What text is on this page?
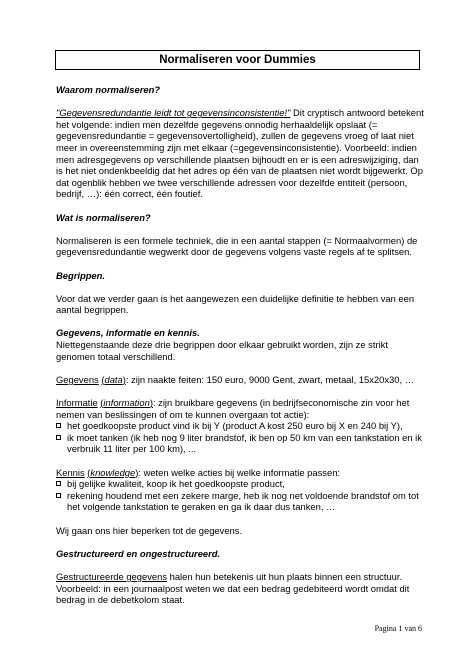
Normaliseren voor Dummies

Waarom normaliseren?

"Gegevensredundantie leidt tot gegevensinconsistentie!" Dit cryptisch antwoord betekent het volgende: indien men dezelfde gegevens onnodig herhaaldelijk opslaat (= gegevensredundantie = gegevensovertolligheid), zullen de gegevens vroeg of laat niet meer in overeenstemming zijn met elkaar (=gegevensinconsistentie). Voorbeeld: indien men adresgegevens op verschillende plaatsen bijhoudt en er is een adreswijziging, dan is het niet ondenkbeeldig dat het adres op één van de plaatsen niet wordt bijgewerkt. Op dat ogenblik hebben we twee verschillende adressen voor dezelfde entiteit (persoon, bedrijf, …): één correct, één foutief.

Wat is normaliseren?

Normaliseren is een formele techniek, die in een aantal stappen (= Normaalvormen) de gegevensredundantie wegwerkt door de gegevens volgens vaste regels af te splitsen.

Begrippen.

Voor dat we verder gaan is het aangewezen een duidelijke definitie te hebben van een aantal begrippen.

Gegevens, informatie en kennis.

Niettegenstaande deze drie begrippen door elkaar gebruikt worden, zijn ze strikt genomen totaal verschillend.

Gegevens (data): zijn naakte feiten: 150 euro, 9000 Gent, zwart, metaal, 15x20x30, …

Informatie (information): zijn bruikbare gegevens (in bedrijfseconomische zin voor het nemen van beslissingen of om te kunnen overgaan tot actie):

het goedkoopste product vind ik bij Y (product A kost 250 euro bij X en 240 bij Y),
ik moet tanken (ik heb nog 9 liter brandstof, ik ben op 50 km van een tankstation en ik verbruik 11 liter per 100 km), ...

Kennis (knowledge): weten welke acties bij welke informatie passen:

bij gelijke kwaliteit, koop ik het goedkoopste product,
rekening houdend met een zekere marge, heb ik nog net voldoende brandstof om tot het volgende tankstation te geraken en ga ik daar dus tanken, …

Wij gaan ons hier beperken tot de gegevens.

Gestructureerd en ongestructureerd.

Gestructureerde gegevens halen hun betekenis uit hun plaats binnen een structuur. Voorbeeld: in een journaalpost weten we dat een bedrag gedebiteerd wordt omdat dit bedrag in de debetkolom staat.

Pagina 1 van 6
